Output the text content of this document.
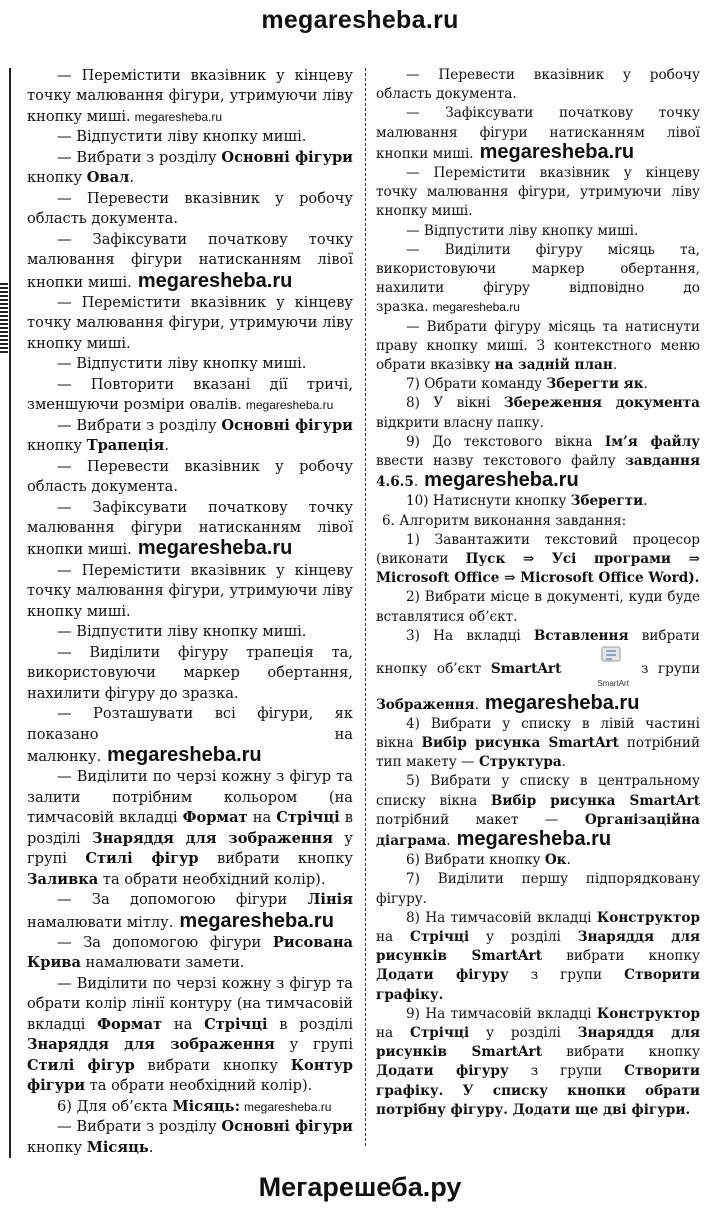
megaresheba.ru

— Перемістити вказівник у кінцеву точку малювання фігури, утримуючи ліву кнопку миші. megaresheba.ru

— Відпустити ліву кнопку миші.

— Вибрати з розділу Основні фігури кнопку Овал.

— Перевести вказівник у робочу область документа.

— Зафіксувати початкову точку малювання фігури натисканням лівої кнопки миші. megaresheba.ru

— Перемістити вказівник у кінцеву точку малювання фігури, утримуючи ліву кнопку миші.

— Відпустити ліву кнопку миші.

— Повторити вказані дії тричі, зменшуючи розміри овалів. megaresheba.ru

— Вибрати з розділу Основні фігури кнопку Трапеція.

— Перевести вказівник у робочу область документа.

— Зафіксувати початкову точку малювання фігури натисканням лівої кнопки миші. megaresheba.ru

— Перемістити вказівник у кінцеву точку малювання фігури, утримуючи ліву кнопку миші.

— Відпустити ліву кнопку миші.

— Виділити фігуру трапеція та, використовуючи маркер обертання, нахилити фігуру до зразка.

— Розташувати всі фігури, як показано на малюнку. megaresheba.ru

— Виділити по черзі кожну з фігур та залити потрібним кольором (на тимчасовій вкладці Формат на Стрічці в розділі Знаряддя для зображення у групі Стилі фігур вибрати кнопку Заливка та обрати необхідний колір).

— За допомогою фігури Лінія намалювати мітлу. megaresheba.ru

— За допомогою фігури Рисована Крива намалювати замети.

— Виділити по черзі кожну з фігур та обрати колір лінії контуру (на тимчасовій вкладці Формат на Стрічці в розділі Знаряддя для зображення у групі Стилі фігур вибрати кнопку Контур фігури та обрати необхідний колір).

6) Для об’єкта Місяць: megaresheba.ru

— Вибрати з розділу Основні фігури кнопку Місяць.

— Перевести вказівник у робочу область документа.

— Зафіксувати початкову точку малювання фігури натисканням лівої кнопки миші. megaresheba.ru

— Перемістити вказівник у кінцеву точку малювання фігури, утримуючи ліву кнопку миші.

— Відпустити ліву кнопку миші.

— Виділити фігуру місяць та, використовуючи маркер обертання, нахилити фігуру відповідно до зразка. megaresheba.ru

— Вибрати фігуру місяць та натиснути праву кнопку миші. З контекстного меню обрати вказівку на задній план.

7) Обрати команду Зберегти як.

8) У вікні Збереження документа відкрити власну папку.

9) До текстового вікна Ім’я файлу ввести назву текстового файлу завдання 4.6.5. megaresheba.ru

10) Натиснути кнопку Зберегти.

6. Алгоритм виконання завдання:

1) Завантажити текстовий процесор (виконати Пуск ⇒ Усі програми ⇒ Microsoft Office ⇒ Microsoft Office Word).

2) Вибрати місце в документі, куди буде вставлятися об’єкт.

3) На вкладці Вставлення вибрати кнопку об’єкт SmartArt
SmartArt
з групи Зображення. megaresheba.ru

4) Вибрати у списку в лівій частині вікна Вибір рисунка SmartArt потрібний тип макету — Структура.

5) Вибрати у списку в центральному списку вікна Вибір рисунка SmartArt потрібний макет — Організаційна діаграма. megaresheba.ru

6) Вибрати кнопку Ок.

7) Виділити першу підпорядковану фігуру.

8) На тимчасовій вкладці Конструктор на Стрічці у розділі Знаряддя для рисунків SmartArt вибрати кнопку Додати фігуру з групи Створити графіку.

9) На тимчасовій вкладці Конструктор на Стрічці у розділі Знаряддя для рисунків SmartArt вибрати кнопку Додати фігуру з групи Створити графіку. У списку кнопки обрати потрібну фігуру. Додати ще дві фігури.

Мегарешеба.ру
